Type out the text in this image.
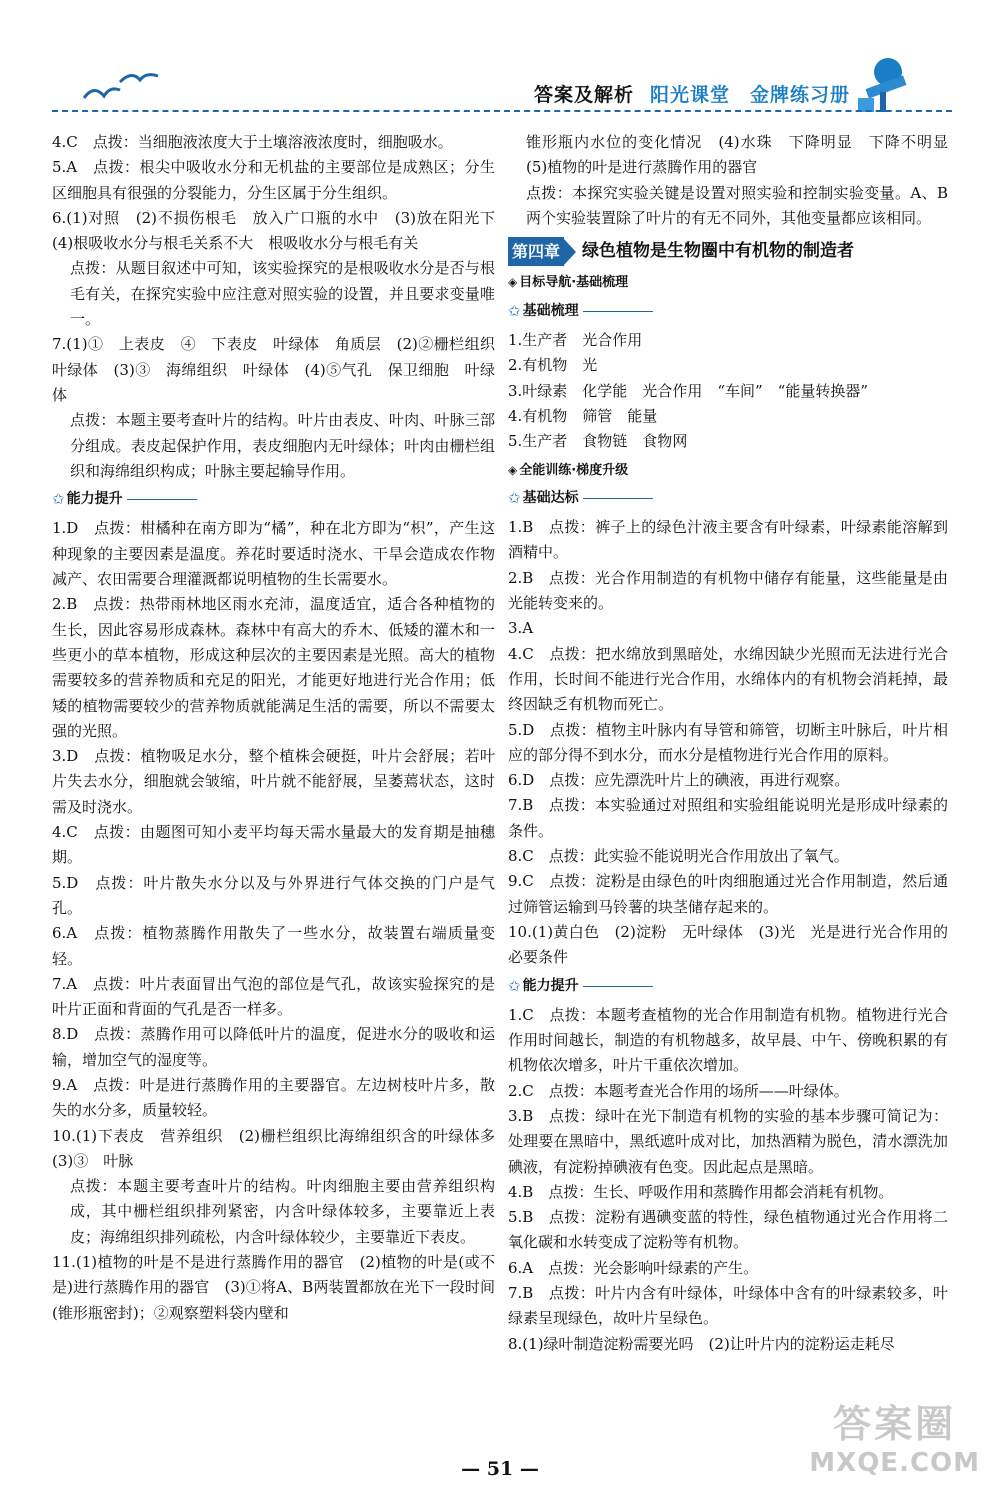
答案及解析 阳光课堂　金牌练习册

4.C　点拨：当细胞液浓度大于土壤溶液浓度时，细胞吸水。

5.A　点拨：根尖中吸收水分和无机盐的主要部位是成熟区；分生区细胞具有很强的分裂能力，分生区属于分生组织。

6.(1)对照　(2)不损伤根毛　放入广口瓶的水中　(3)放在阳光下　(4)根吸收水分与根毛关系不大　根吸收水分与根毛有关

点拨：从题目叙述中可知，该实验探究的是根吸收水分是否与根毛有关，在探究实验中应注意对照实验的设置，并且要求变量唯一。

7.(1)①　上表皮　④　下表皮　叶绿体　角质层　(2)②栅栏组织　叶绿体　(3)③　海绵组织　叶绿体　(4)⑤气孔　保卫细胞　叶绿体

点拨：本题主要考查叶片的结构。叶片由表皮、叶肉、叶脉三部分组成。表皮起保护作用，表皮细胞内无叶绿体；叶肉由栅栏组织和海绵组织构成；叶脉主要起输导作用。

✩ 能力提升

1.D　点拨：柑橘种在南方即为“橘”，种在北方即为“枳”，产生这种现象的主要因素是温度。养花时要适时浇水、干旱会造成农作物减产、农田需要合理灌溉都说明植物的生长需要水。

2.B　点拨：热带雨林地区雨水充沛，温度适宜，适合各种植物的生长，因此容易形成森林。森林中有高大的乔木、低矮的灌木和一些更小的草本植物，形成这种层次的主要因素是光照。高大的植物需要较多的营养物质和充足的阳光，才能更好地进行光合作用；低矮的植物需要较少的营养物质就能满足生活的需要，所以不需要太强的光照。

3.D　点拨：植物吸足水分，整个植株会硬挺，叶片会舒展；若叶片失去水分，细胞就会皱缩，叶片就不能舒展，呈萎蔫状态，这时需及时浇水。

4.C　点拨：由题图可知小麦平均每天需水量最大的发育期是抽穗期。

5.D　点拨：叶片散失水分以及与外界进行气体交换的门户是气孔。

6.A　点拨：植物蒸腾作用散失了一些水分，故装置右端质量变轻。

7.A　点拨：叶片表面冒出气泡的部位是气孔，故该实验探究的是叶片正面和背面的气孔是否一样多。

8.D　点拨：蒸腾作用可以降低叶片的温度，促进水分的吸收和运输，增加空气的湿度等。

9.A　点拨：叶是进行蒸腾作用的主要器官。左边树枝叶片多，散失的水分多，质量较轻。

10.(1)下表皮　营养组织　(2)栅栏组织比海绵组织含的叶绿体多　(3)③　叶脉

点拨：本题主要考查叶片的结构。叶肉细胞主要由营养组织构成，其中栅栏组织排列紧密，内含叶绿体较多，主要靠近上表皮；海绵组织排列疏松，内含叶绿体较少，主要靠近下表皮。

11.(1)植物的叶是不是进行蒸腾作用的器官　(2)植物的叶是(或不是)进行蒸腾作用的器官　(3)①将A、B两装置都放在光下一段时间(锥形瓶密封)；②观察塑料袋内壁和

锥形瓶内水位的变化情况　(4)水珠　下降明显　下降不明显　(5)植物的叶是进行蒸腾作用的器官

点拨：本探究实验关键是设置对照实验和控制实验变量。A、B两个实验装置除了叶片的有无不同外，其他变量都应该相同。

第四章 绿色植物是生物圈中有机物的制造者
◈ 目标导航·基础梳理
✩ 基础梳理

1.生产者　光合作用

2.有机物　光

3.叶绿素　化学能　光合作用　“车间”　“能量转换器”

4.有机物　筛管　能量

5.生产者　食物链　食物网

◈ 全能训练·梯度升级
✩ 基础达标

1.B　点拨：裤子上的绿色汁液主要含有叶绿素，叶绿素能溶解到酒精中。

2.B　点拨：光合作用制造的有机物中储存有能量，这些能量是由光能转变来的。

3.A

4.C　点拨：把水绵放到黑暗处，水绵因缺少光照而无法进行光合作用，长时间不能进行光合作用，水绵体内的有机物会消耗掉，最终因缺乏有机物而死亡。

5.D　点拨：植物主叶脉内有导管和筛管，切断主叶脉后，叶片相应的部分得不到水分，而水分是植物进行光合作用的原料。

6.D　点拨：应先漂洗叶片上的碘液，再进行观察。

7.B　点拨：本实验通过对照组和实验组能说明光是形成叶绿素的条件。

8.C　点拨：此实验不能说明光合作用放出了氧气。

9.C　点拨：淀粉是由绿色的叶肉细胞通过光合作用制造，然后通过筛管运输到马铃薯的块茎储存起来的。

10.(1)黄白色　(2)淀粉　无叶绿体　(3)光　光是进行光合作用的必要条件

✩ 能力提升

1.C　点拨：本题考查植物的光合作用制造有机物。植物进行光合作用时间越长，制造的有机物越多，故早晨、中午、傍晚积累的有机物依次增多，叶片干重依次增加。

2.C　点拨：本题考查光合作用的场所——叶绿体。

3.B　点拨：绿叶在光下制造有机物的实验的基本步骤可简记为：处理要在黑暗中，黑纸遮叶成对比，加热酒精为脱色，清水漂洗加碘液，有淀粉掉碘液有色变。因此起点是黑暗。

4.B　点拨：生长、呼吸作用和蒸腾作用都会消耗有机物。

5.B　点拨：淀粉有遇碘变蓝的特性，绿色植物通过光合作用将二氧化碳和水转变成了淀粉等有机物。

6.A　点拨：光会影响叶绿素的产生。

7.B　点拨：叶片内含有叶绿体，叶绿体中含有的叶绿素较多，叶绿素呈现绿色，故叶片呈绿色。

8.(1)绿叶制造淀粉需要光吗　(2)让叶片内的淀粉运走耗尽

— 51 —
答案圈
MXQE.COM
